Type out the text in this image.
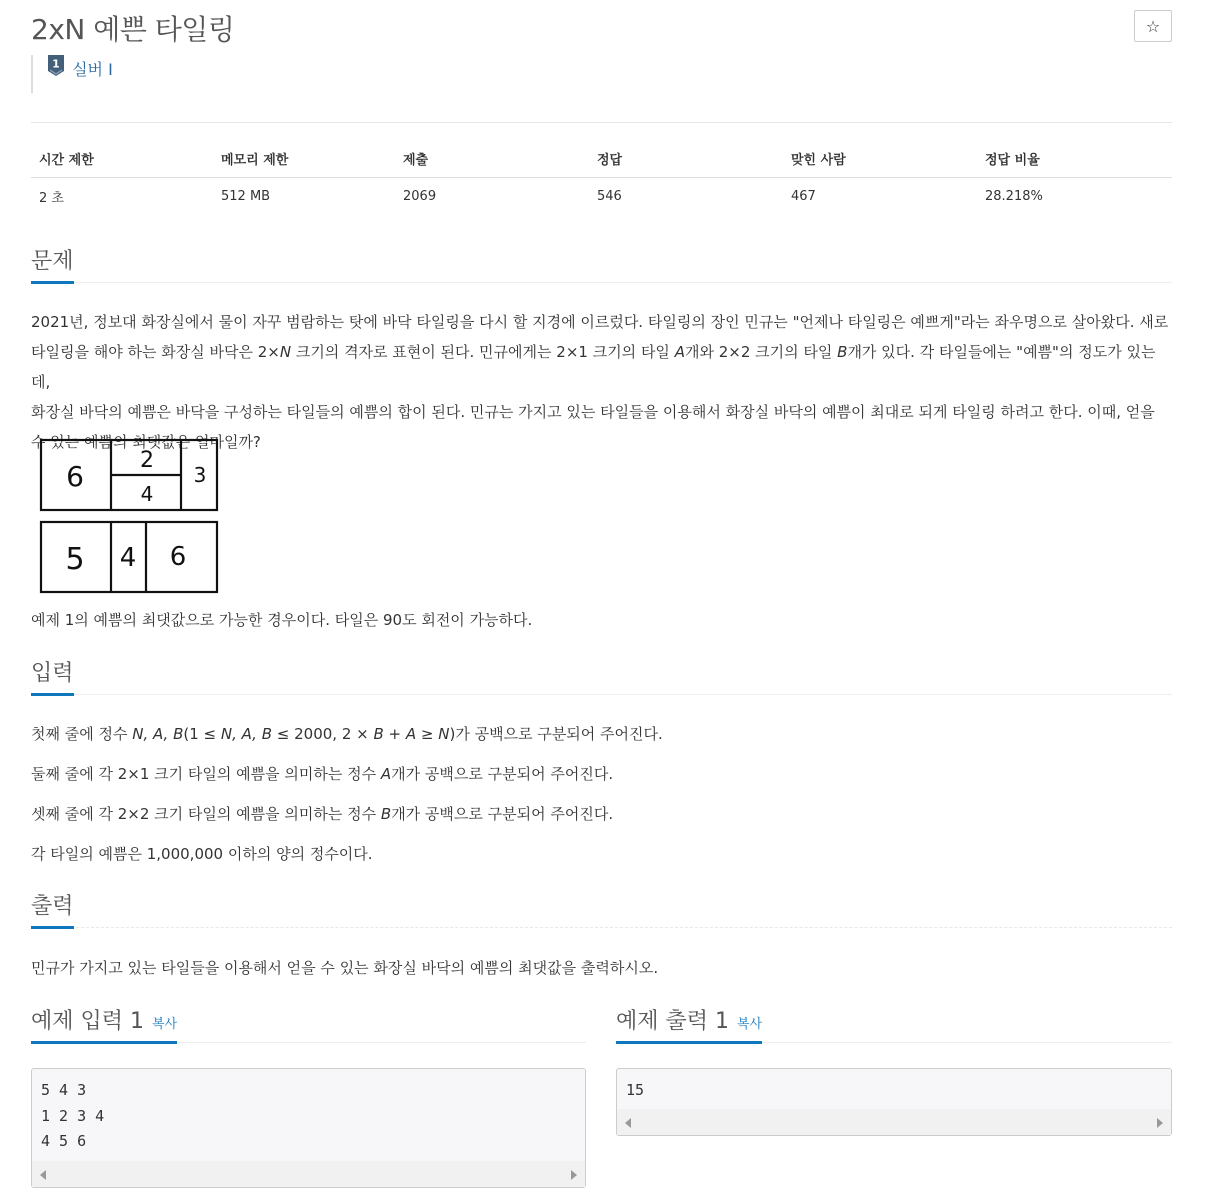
2xN 예쁜 타일링	☆
1 실버 I
시간 제한	메모리 제한	제출	정답	맞힌 사람	정답 비율
2 초	512 MB	2069	546	467	28.218%
문제
2021년, 정보대 화장실에서 물이 자꾸 범람하는 탓에 바닥 타일링을 다시 할 지경에 이르렀다. 타일링의 장인 민규는 "언제나 타일링은 예쁘게"라는 좌우명으로 살아왔다. 새로
타일링을 해야 하는 화장실 바닥은 2×N 크기의 격자로 표현이 된다. 민규에게는 2×1 크기의 타일 A개와 2×2 크기의 타일 B개가 있다. 각 타일들에는 "예쁨"의 정도가 있는데,
화장실 바닥의 예쁨은 바닥을 구성하는 타일들의 예쁨의 합이 된다. 민규는 가지고 있는 타일들을 이용해서 화장실 바닥의 예쁨이 최대로 되게 타일링 하려고 한다. 이때, 얻을
수 있는 예쁨의 최댓값은 얼마일까?
6	2
4
3
5 4 6
예제 1의 예쁨의 최댓값으로 가능한 경우이다. 타일은 90도 회전이 가능하다.
입력
첫째 줄에 정수 N, A, B(1 ≤ N, A, B ≤ 2000, 2 × B + A ≥ N)가 공백으로 구분되어 주어진다.
둘째 줄에 각 2×1 크기 타일의 예쁨을 의미하는 정수 A개가 공백으로 구분되어 주어진다.
셋째 줄에 각 2×2 크기 타일의 예쁨을 의미하는 정수 B개가 공백으로 구분되어 주어진다.
각 타일의 예쁨은 1,000,000 이하의 양의 정수이다.
출력
민규가 가지고 있는 타일들을 이용해서 얻을 수 있는 화장실 바닥의 예쁨의 최댓값을 출력하시오.
예제 입력 1 복사	예제 출력 1 복사
5 4 3
1 2 3 4
4 5 6
15
